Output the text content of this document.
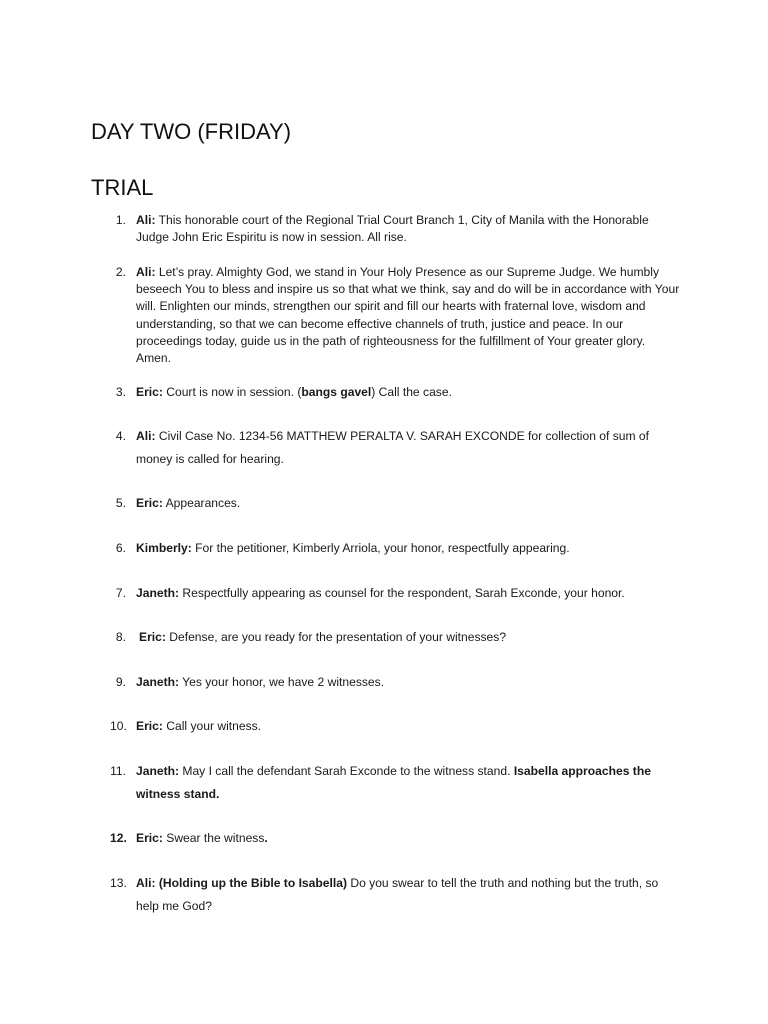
DAY TWO (FRIDAY)
TRIAL
1. Ali: This honorable court of the Regional Trial Court Branch 1, City of Manila with the Honorable Judge John Eric Espiritu is now in session. All rise.
2. Ali: Let’s pray. Almighty God, we stand in Your Holy Presence as our Supreme Judge. We humbly beseech You to bless and inspire us so that what we think, say and do will be in accordance with Your will. Enlighten our minds, strengthen our spirit and fill our hearts with fraternal love, wisdom and understanding, so that we can become effective channels of truth, justice and peace. In our proceedings today, guide us in the path of righteousness for the fulfillment of Your greater glory. Amen.
3. Eric: Court is now in session. (bangs gavel) Call the case.
4. Ali: Civil Case No. 1234-56 MATTHEW PERALTA V. SARAH EXCONDE for collection of sum of money is called for hearing.
5. Eric: Appearances.
6. Kimberly: For the petitioner, Kimberly Arriola, your honor, respectfully appearing.
7. Janeth: Respectfully appearing as counsel for the respondent, Sarah Exconde, your honor.
8. Eric: Defense, are you ready for the presentation of your witnesses?
9. Janeth: Yes your honor, we have 2 witnesses.
10. Eric: Call your witness.
11. Janeth: May I call the defendant Sarah Exconde to the witness stand. Isabella approaches the witness stand.
12. Eric: Swear the witness.
13. Ali: (Holding up the Bible to Isabella) Do you swear to tell the truth and nothing but the truth, so help me God?
